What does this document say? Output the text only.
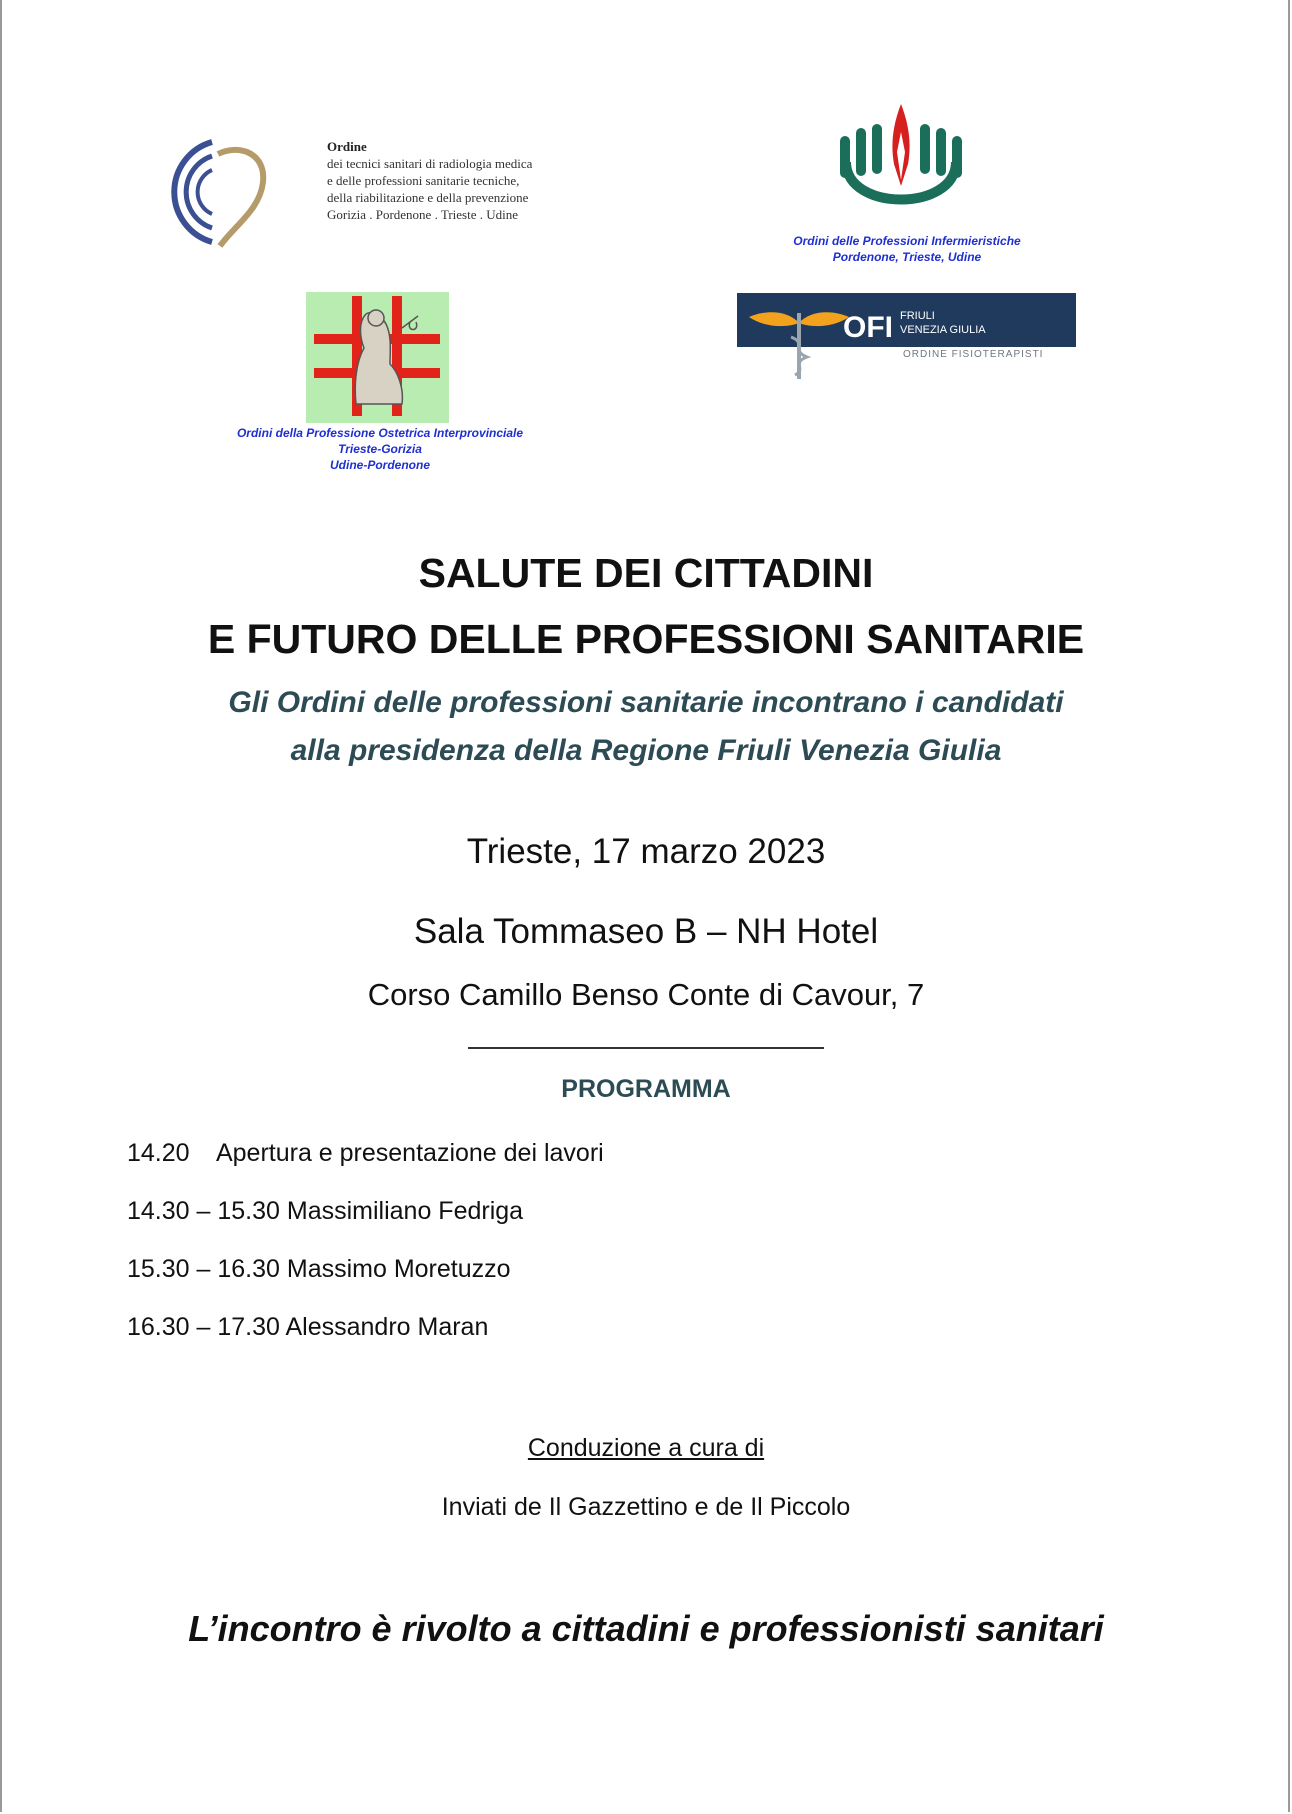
Ordine
dei tecnici sanitari di radiologia medica
e delle professioni sanitarie tecniche,
della riabilitazione e della prevenzione
Gorizia . Pordenone . Trieste . Udine
Ordini delle Professioni Infermieristiche
Pordenone, Trieste, Udine
Ordini della Professione Ostetrica Interprovinciale
Trieste-Gorizia
Udine-Pordenone
OFI FRIULI
VENEZIA GIULIA
ORDINE FISIOTERAPISTI
SALUTE DEI CITTADINI
E FUTURO DELLE PROFESSIONI SANITARIE
Gli Ordini delle professioni sanitarie incontrano i candidati
alla presidenza della Regione Friuli Venezia Giulia
Trieste, 17 marzo 2023
Sala Tommaseo B – NH Hotel
Corso Camillo Benso Conte di Cavour, 7
PROGRAMMA
14.20    Apertura e presentazione dei lavori
14.30 – 15.30 Massimiliano Fedriga
15.30 – 16.30 Massimo Moretuzzo
16.30 – 17.30 Alessandro Maran
Conduzione a cura di
Inviati de Il Gazzettino e de Il Piccolo
L’incontro è rivolto a cittadini e professionisti sanitari
